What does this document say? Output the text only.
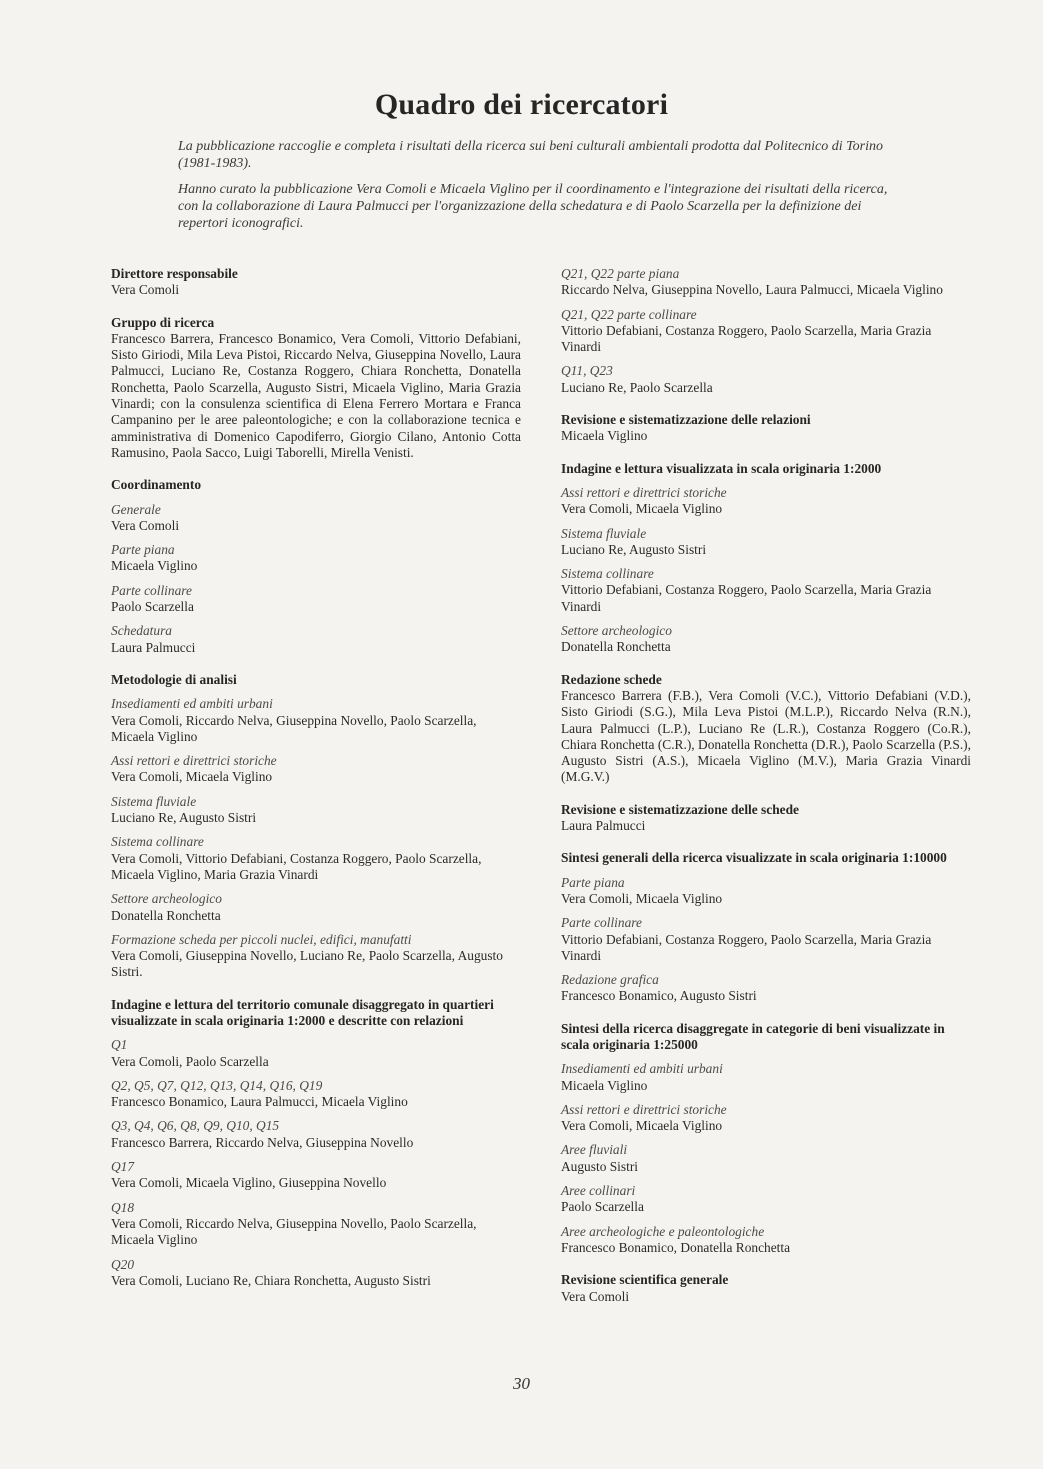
Quadro dei ricercatori

La pubblicazione raccoglie e completa i risultati della ricerca sui beni culturali ambientali prodotta dal Politecnico di Torino (1981-1983).

Hanno curato la pubblicazione Vera Comoli e Micaela Viglino per il coordinamento e l'integrazione dei risultati della ricerca, con la collaborazione di Laura Palmucci per l'organizzazione della schedatura e di Paolo Scarzella per la definizione dei repertori iconografici.

Direttore responsabile
Vera Comoli
Gruppo di ricerca
Francesco Barrera, Francesco Bonamico, Vera Comoli, Vittorio Defabiani, Sisto Giriodi, Mila Leva Pistoi, Riccardo Nelva, Giuseppina Novello, Laura Palmucci, Luciano Re, Costanza Roggero, Chiara Ronchetta, Donatella Ronchetta, Paolo Scarzella, Augusto Sistri, Micaela Viglino, Maria Grazia Vinardi; con la consulenza scientifica di Elena Ferrero Mortara e Franca Campanino per le aree paleontologiche; e con la collaborazione tecnica e amministrativa di Domenico Capodiferro, Giorgio Cilano, Antonio Cotta Ramusino, Paola Sacco, Luigi Taborelli, Mirella Venisti.
Coordinamento
Generale
Vera Comoli
Parte piana
Micaela Viglino
Parte collinare
Paolo Scarzella
Schedatura
Laura Palmucci
Metodologie di analisi
Insediamenti ed ambiti urbani
Vera Comoli, Riccardo Nelva, Giuseppina Novello, Paolo Scarzella, Micaela Viglino
Assi rettori e direttrici storiche
Vera Comoli, Micaela Viglino
Sistema fluviale
Luciano Re, Augusto Sistri
Sistema collinare
Vera Comoli, Vittorio Defabiani, Costanza Roggero, Paolo Scarzella, Micaela Viglino, Maria Grazia Vinardi
Settore archeologico
Donatella Ronchetta
Formazione scheda per piccoli nuclei, edifici, manufatti
Vera Comoli, Giuseppina Novello, Luciano Re, Paolo Scarzella, Augusto Sistri.
Indagine e lettura del territorio comunale disaggregato in quartieri visualizzate in scala originaria 1:2000 e descritte con relazioni
Q1
Vera Comoli, Paolo Scarzella
Q2, Q5, Q7, Q12, Q13, Q14, Q16, Q19
Francesco Bonamico, Laura Palmucci, Micaela Viglino
Q3, Q4, Q6, Q8, Q9, Q10, Q15
Francesco Barrera, Riccardo Nelva, Giuseppina Novello
Q17
Vera Comoli, Micaela Viglino, Giuseppina Novello
Q18
Vera Comoli, Riccardo Nelva, Giuseppina Novello, Paolo Scarzella, Micaela Viglino
Q20
Vera Comoli, Luciano Re, Chiara Ronchetta, Augusto Sistri
Q21, Q22 parte piana
Riccardo Nelva, Giuseppina Novello, Laura Palmucci, Micaela Viglino
Q21, Q22 parte collinare
Vittorio Defabiani, Costanza Roggero, Paolo Scarzella, Maria Grazia Vinardi
Q11, Q23
Luciano Re, Paolo Scarzella
Revisione e sistematizzazione delle relazioni
Micaela Viglino
Indagine e lettura visualizzata in scala originaria 1:2000
Assi rettori e direttrici storiche
Vera Comoli, Micaela Viglino
Sistema fluviale
Luciano Re, Augusto Sistri
Sistema collinare
Vittorio Defabiani, Costanza Roggero, Paolo Scarzella, Maria Grazia Vinardi
Settore archeologico
Donatella Ronchetta
Redazione schede
Francesco Barrera (F.B.), Vera Comoli (V.C.), Vittorio Defabiani (V.D.), Sisto Giriodi (S.G.), Mila Leva Pistoi (M.L.P.), Riccardo Nelva (R.N.), Laura Palmucci (L.P.), Luciano Re (L.R.), Costanza Roggero (Co.R.), Chiara Ronchetta (C.R.), Donatella Ronchetta (D.R.), Paolo Scarzella (P.S.), Augusto Sistri (A.S.), Micaela Viglino (M.V.), Maria Grazia Vinardi (M.G.V.)
Revisione e sistematizzazione delle schede
Laura Palmucci
Sintesi generali della ricerca visualizzate in scala originaria 1:10000
Parte piana
Vera Comoli, Micaela Viglino
Parte collinare
Vittorio Defabiani, Costanza Roggero, Paolo Scarzella, Maria Grazia Vinardi
Redazione grafica
Francesco Bonamico, Augusto Sistri
Sintesi della ricerca disaggregate in categorie di beni visualizzate in scala originaria 1:25000
Insediamenti ed ambiti urbani
Micaela Viglino
Assi rettori e direttrici storiche
Vera Comoli, Micaela Viglino
Aree fluviali
Augusto Sistri
Aree collinari
Paolo Scarzella
Aree archeologiche e paleontologiche
Francesco Bonamico, Donatella Ronchetta
Revisione scientifica generale
Vera Comoli
30
